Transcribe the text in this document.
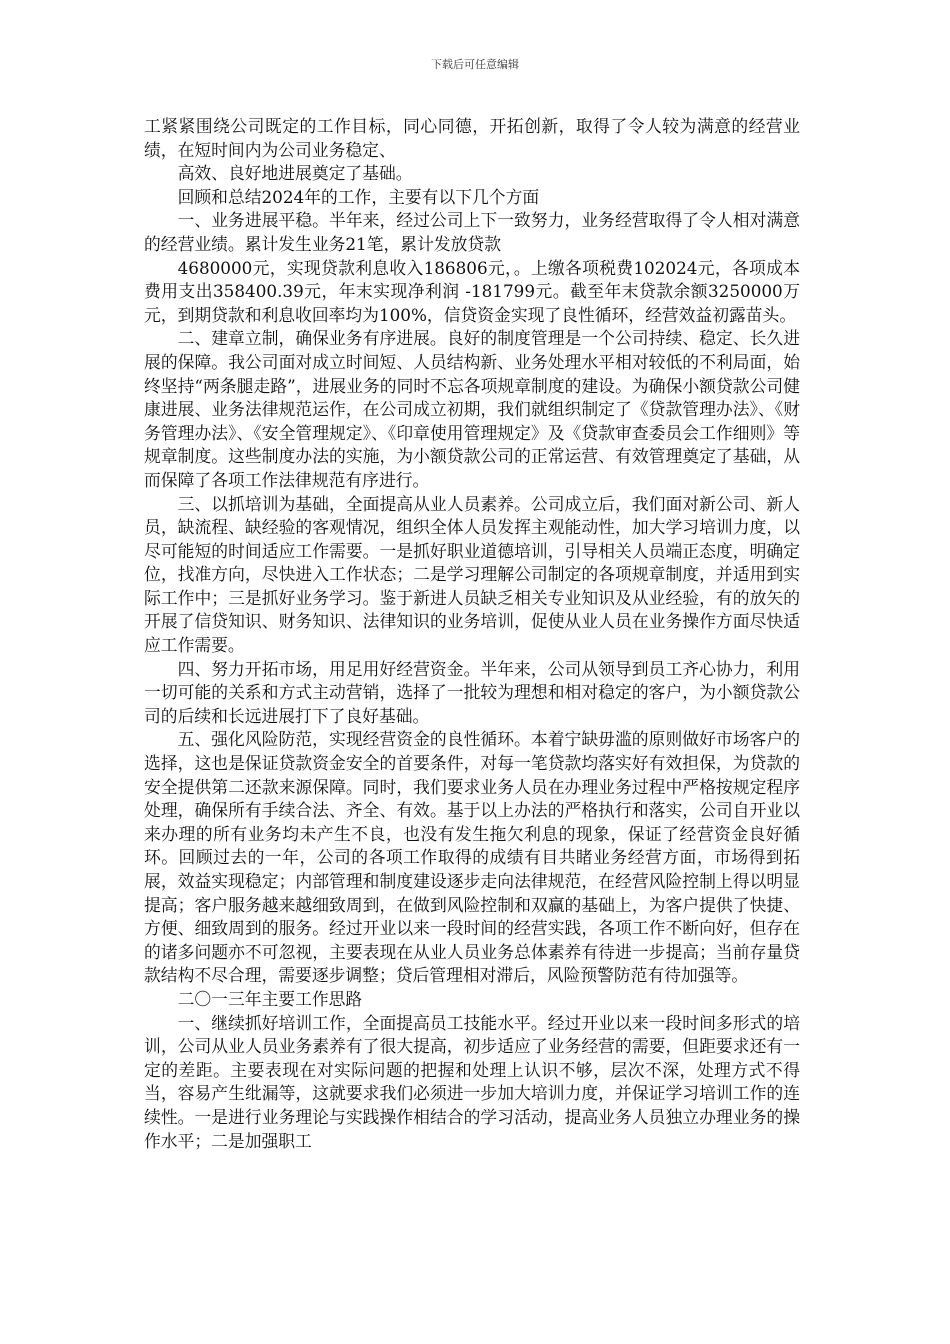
下载后可任意编辑

工紧紧围绕公司既定的工作目标，同心同德，开拓创新，取得了令人较为满意的经营业绩，在短时间内为公司业务稳定、

高效、良好地进展奠定了基础。

回顾和总结2024年的工作，主要有以下几个方面

一、业务进展平稳。半年来，经过公司上下一致努力，业务经营取得了令人相对满意的经营业绩。累计发生业务21笔，累计发放贷款

4680000元，实现贷款利息收入186806元，。上缴各项税费102024元，各项成本费用支出358400.39元，年末实现净利润 -181799元。截至年末贷款余额3250000万元，到期贷款和利息收回率均为100%，信贷资金实现了良性循环，经营效益初露苗头。

二、建章立制，确保业务有序进展。良好的制度管理是一个公司持续、稳定、长久进展的保障。我公司面对成立时间短、人员结构新、业务处理水平相对较低的不利局面，始终坚持“两条腿走路”，进展业务的同时不忘各项规章制度的建设。为确保小额贷款公司健康进展、业务法律规范运作，在公司成立初期，我们就组织制定了《贷款管理办法》、《财务管理办法》、《安全管理规定》、《印章使用管理规定》及《贷款审查委员会工作细则》等规章制度。这些制度办法的实施，为小额贷款公司的正常运营、有效管理奠定了基础，从而保障了各项工作法律规范有序进行。

三、以抓培训为基础，全面提高从业人员素养。公司成立后，我们面对新公司、新人员，缺流程、缺经验的客观情况，组织全体人员发挥主观能动性，加大学习培训力度，以尽可能短的时间适应工作需要。一是抓好职业道德培训，引导相关人员端正态度，明确定位，找准方向，尽快进入工作状态；二是学习理解公司制定的各项规章制度，并适用到实际工作中；三是抓好业务学习。鉴于新进人员缺乏相关专业知识及从业经验，有的放矢的开展了信贷知识、财务知识、法律知识的业务培训，促使从业人员在业务操作方面尽快适应工作需要。

四、努力开拓市场，用足用好经营资金。半年来，公司从领导到员工齐心协力，利用一切可能的关系和方式主动营销，选择了一批较为理想和相对稳定的客户，为小额贷款公司的后续和长远进展打下了良好基础。

五、强化风险防范，实现经营资金的良性循环。本着宁缺毋滥的原则做好市场客户的选择，这也是保证贷款资金安全的首要条件，对每一笔贷款均落实好有效担保，为贷款的安全提供第二还款来源保障。同时，我们要求业务人员在办理业务过程中严格按规定程序处理，确保所有手续合法、齐全、有效。基于以上办法的严格执行和落实，公司自开业以来办理的所有业务均未产生不良，也没有发生拖欠利息的现象，保证了经营资金良好循环。回顾过去的一年，公司的各项工作取得的成绩有目共睹业务经营方面，市场得到拓展，效益实现稳定；内部管理和制度建设逐步走向法律规范，在经营风险控制上得以明显提高；客户服务越来越细致周到，在做到风险控制和双赢的基础上，为客户提供了快捷、方便、细致周到的服务。经过开业以来一段时间的经营实践，各项工作不断向好，但存在的诸多问题亦不可忽视，主要表现在从业人员业务总体素养有待进一步提高；当前存量贷款结构不尽合理，需要逐步调整；贷后管理相对滞后，风险预警防范有待加强等。

二〇一三年主要工作思路

一、继续抓好培训工作，全面提高员工技能水平。经过开业以来一段时间多形式的培训，公司从业人员业务素养有了很大提高，初步适应了业务经营的需要，但距要求还有一定的差距。主要表现在对实际问题的把握和处理上认识不够，层次不深，处理方式不得当，容易产生纰漏等，这就要求我们必须进一步加大培训力度，并保证学习培训工作的连续性。一是进行业务理论与实践操作相结合的学习活动，提高业务人员独立办理业务的操作水平；二是加强职工
